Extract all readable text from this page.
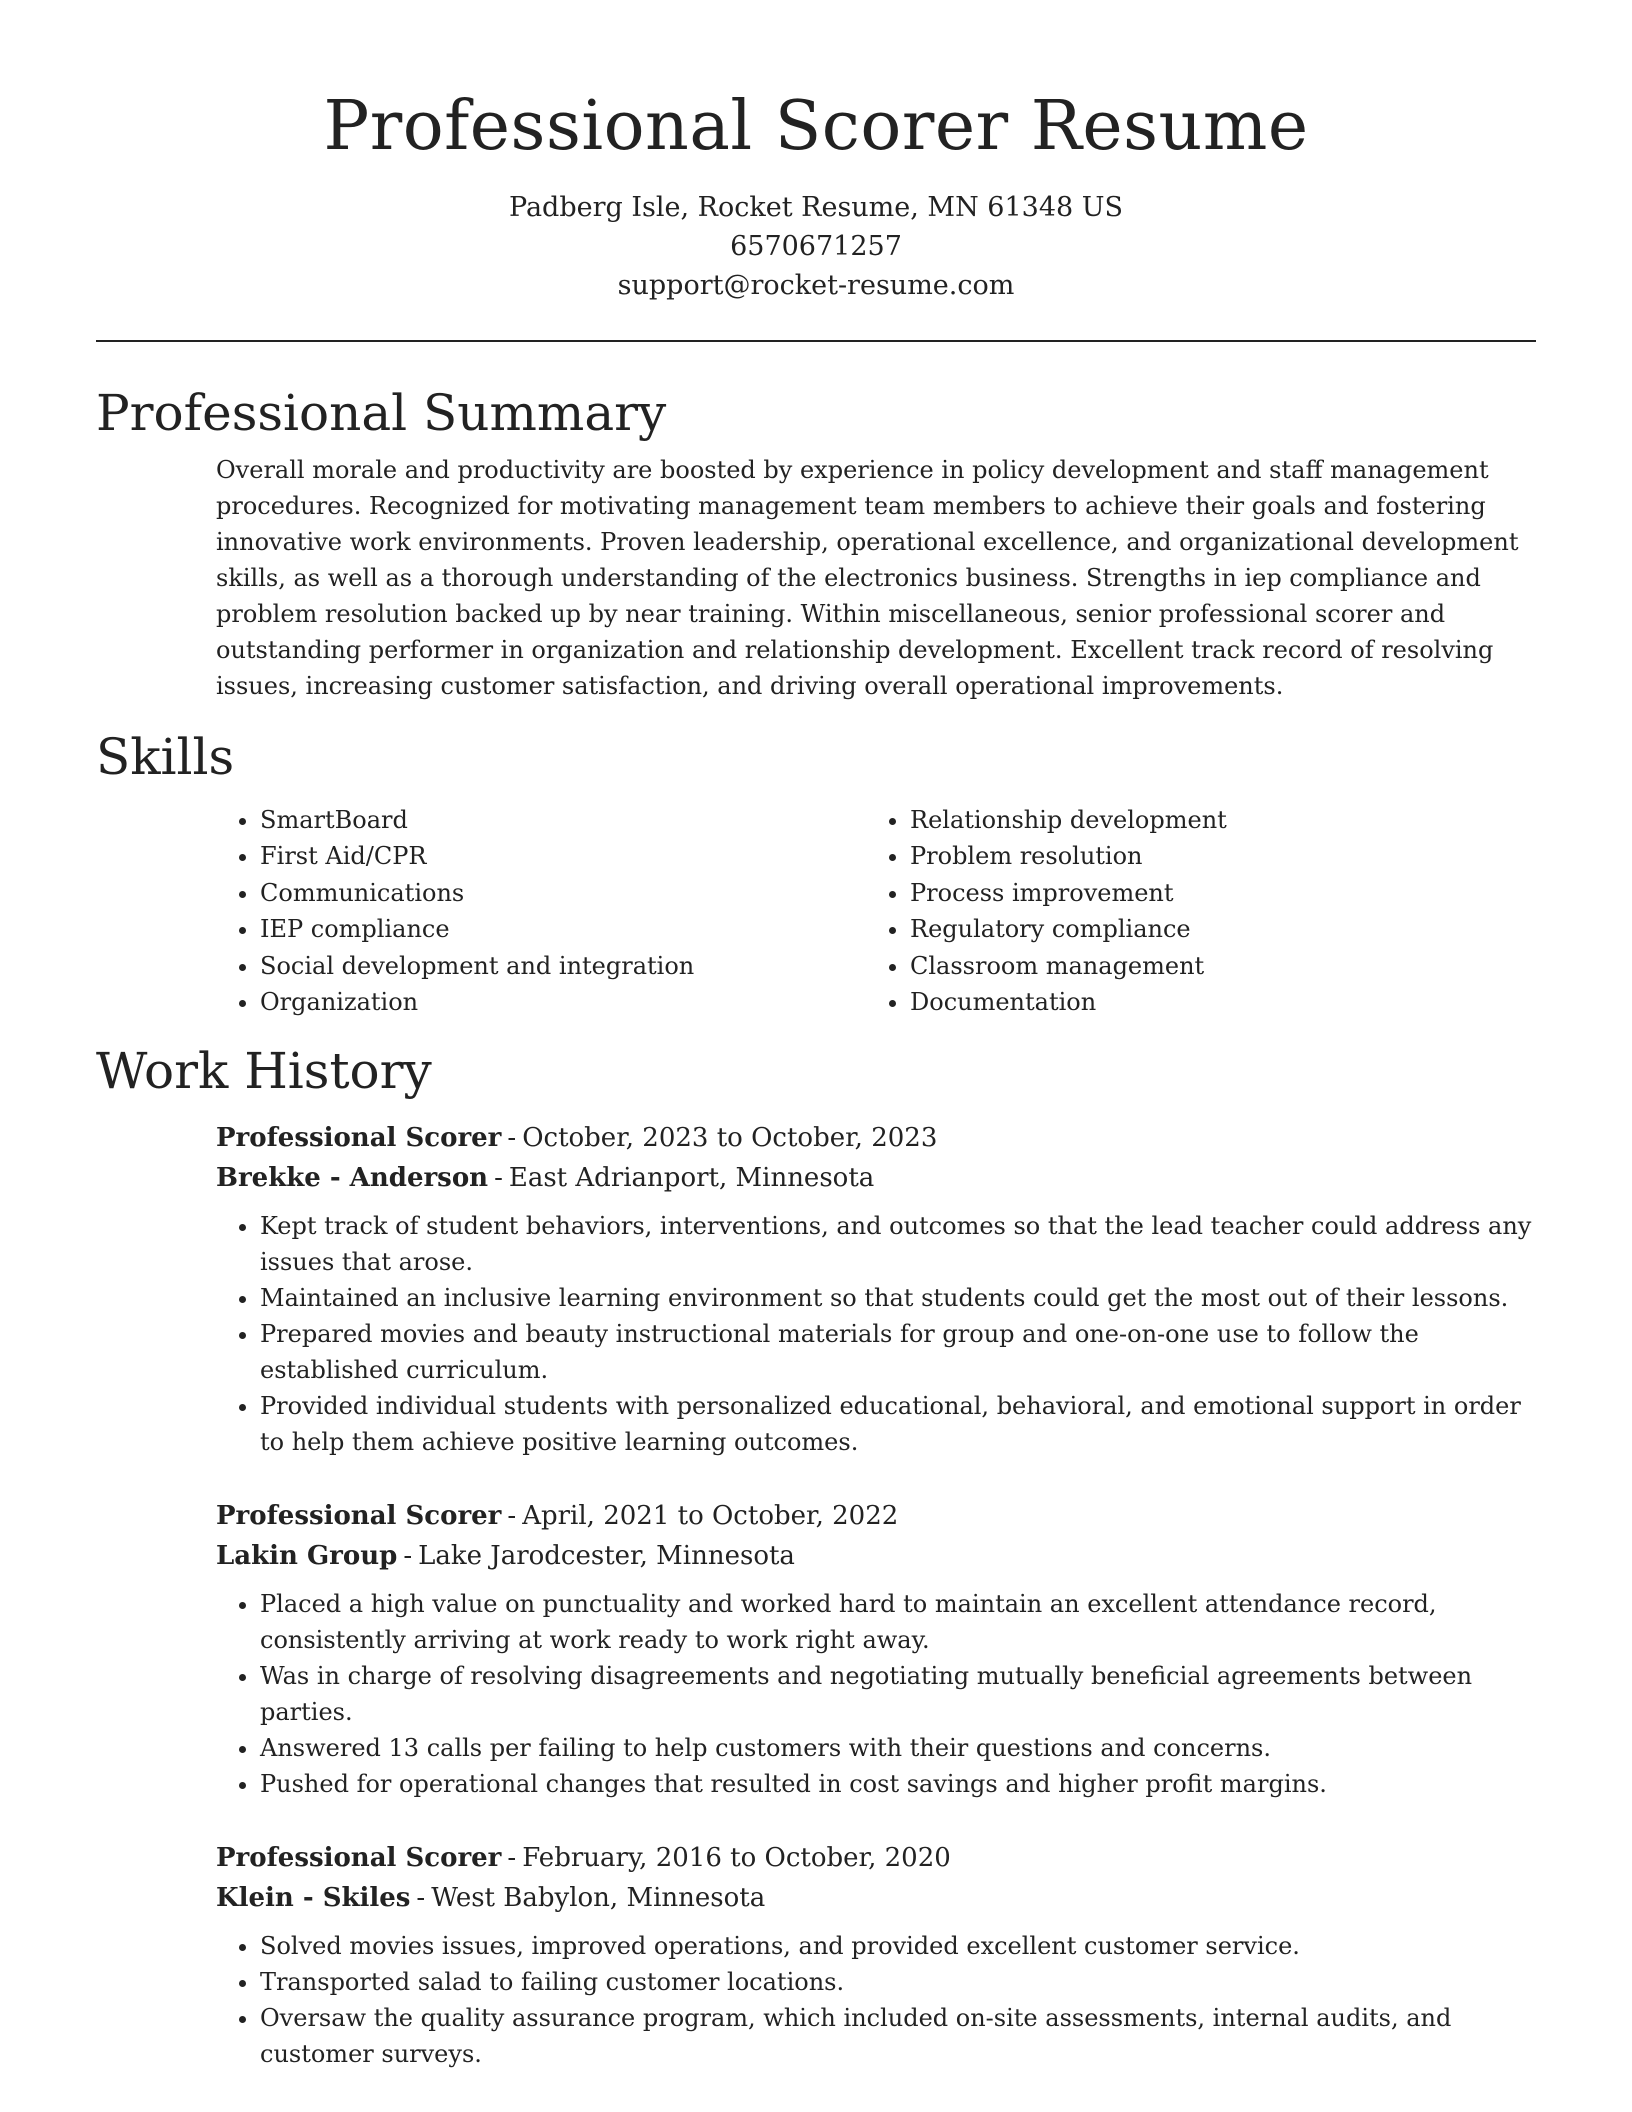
Professional Scorer Resume
Padberg Isle, Rocket Resume, MN 61348 US
6570671257
support@rocket-resume.com
Professional Summary
Overall morale and productivity are boosted by experience in policy development and staff management procedures. Recognized for motivating management team members to achieve their goals and fostering innovative work environments. Proven leadership, operational excellence, and organizational development skills, as well as a thorough understanding of the electronics business. Strengths in iep compliance and problem resolution backed up by near training. Within miscellaneous, senior professional scorer and outstanding performer in organization and relationship development. Excellent track record of resolving issues, increasing customer satisfaction, and driving overall operational improvements.
Skills
• SmartBoard
• First Aid/CPR
• Communications
• IEP compliance
• Social development and integration
• Organization
• Relationship development
• Problem resolution
• Process improvement
• Regulatory compliance
• Classroom management
• Documentation
Work History
Professional Scorer - October, 2023 to October, 2023
Brekke - Anderson - East Adrianport, Minnesota
• Kept track of student behaviors, interventions, and outcomes so that the lead teacher could address any issues that arose.
• Maintained an inclusive learning environment so that students could get the most out of their lessons.
• Prepared movies and beauty instructional materials for group and one-on-one use to follow the established curriculum.
• Provided individual students with personalized educational, behavioral, and emotional support in order to help them achieve positive learning outcomes.
Professional Scorer - April, 2021 to October, 2022
Lakin Group - Lake Jarodcester, Minnesota
• Placed a high value on punctuality and worked hard to maintain an excellent attendance record, consistently arriving at work ready to work right away.
• Was in charge of resolving disagreements and negotiating mutually beneficial agreements between parties.
• Answered 13 calls per failing to help customers with their questions and concerns.
• Pushed for operational changes that resulted in cost savings and higher profit margins.
Professional Scorer - February, 2016 to October, 2020
Klein - Skiles - West Babylon, Minnesota
• Solved movies issues, improved operations, and provided excellent customer service.
• Transported salad to failing customer locations.
• Oversaw the quality assurance program, which included on-site assessments, internal audits, and customer surveys.
